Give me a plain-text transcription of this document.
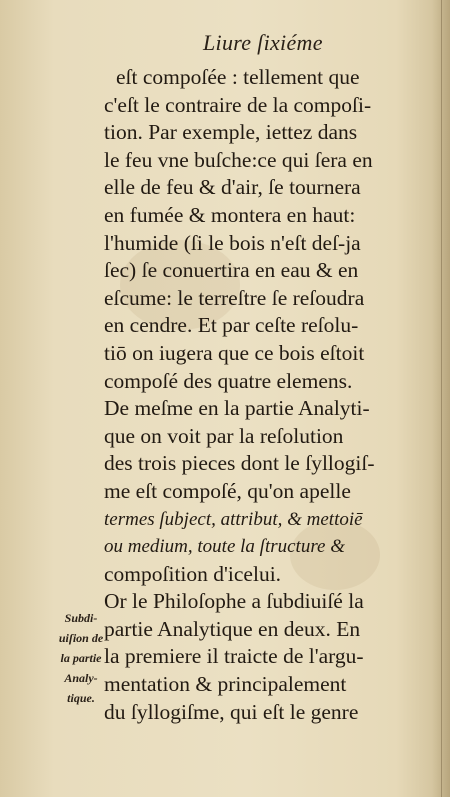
Liure ſixiéme
eſt compoſée : tellement que
c'eſt le contraire de la compoſi-
tion. Par exemple, iettez dans
le feu vne buſche:ce qui ſera en
elle de feu & d'air, ſe tournera
en fumée & montera en haut:
l'humide (ſi le bois n'eſt deſ-ja
ſec) ſe conuertira en eau & en
eſcume: le terreſtre ſe reſoudra
en cendre. Et par ceſte reſolu-
tiō on iugera que ce bois eſtoit
compoſé des quatre elemens.
De meſme en la partie Analyti-
que on voit par la reſolution
des trois pieces dont le ſyllogiſ-
me eſt compoſé, qu'on apelle
termes ſubject, attribut, & mettoiē
ou medium, toute la ſtructure &
compoſition d'icelui.
Or le Philoſophe a ſubdiuiſé la
partie Analytique en deux. En
la premiere il traicte de l'argu-
mentation & principalement
du ſyllogiſme, qui eſt le genre
Subdi-
uiſion de
la partie
Analy-
tique.
